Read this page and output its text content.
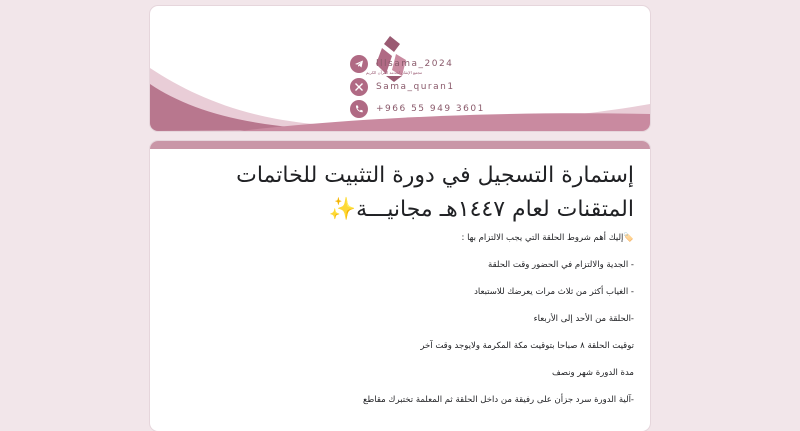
مجمع الإتقان لخدمة القرآن الكريم
lllsama_2024
Sama_quran1
+966 55 949 3601
إستمارة التسجيل في دورة التثبيت للخاتمات المتقنات لعام ١٤٤٧هـ مجانيـــة✨

🏷️إليك أهم شروط الحلقة التي يجب الالتزام بها :

- الجدية والالتزام في الحضور وقت الحلقة

- الغياب أكثر من ثلاث مرات يعرضك للاستبعاد

-الحلقة من الأحد إلى الأربعاء

توقيت الحلقة ٨ صباحا بتوقيت مكة المكرمة ولايوجد وقت آخر

مدة الدورة شهر ونصف

-آلية الدورة سرد جزأن على رفيقة من داخل الحلقة ثم المعلمة تختبرك مقاطع
